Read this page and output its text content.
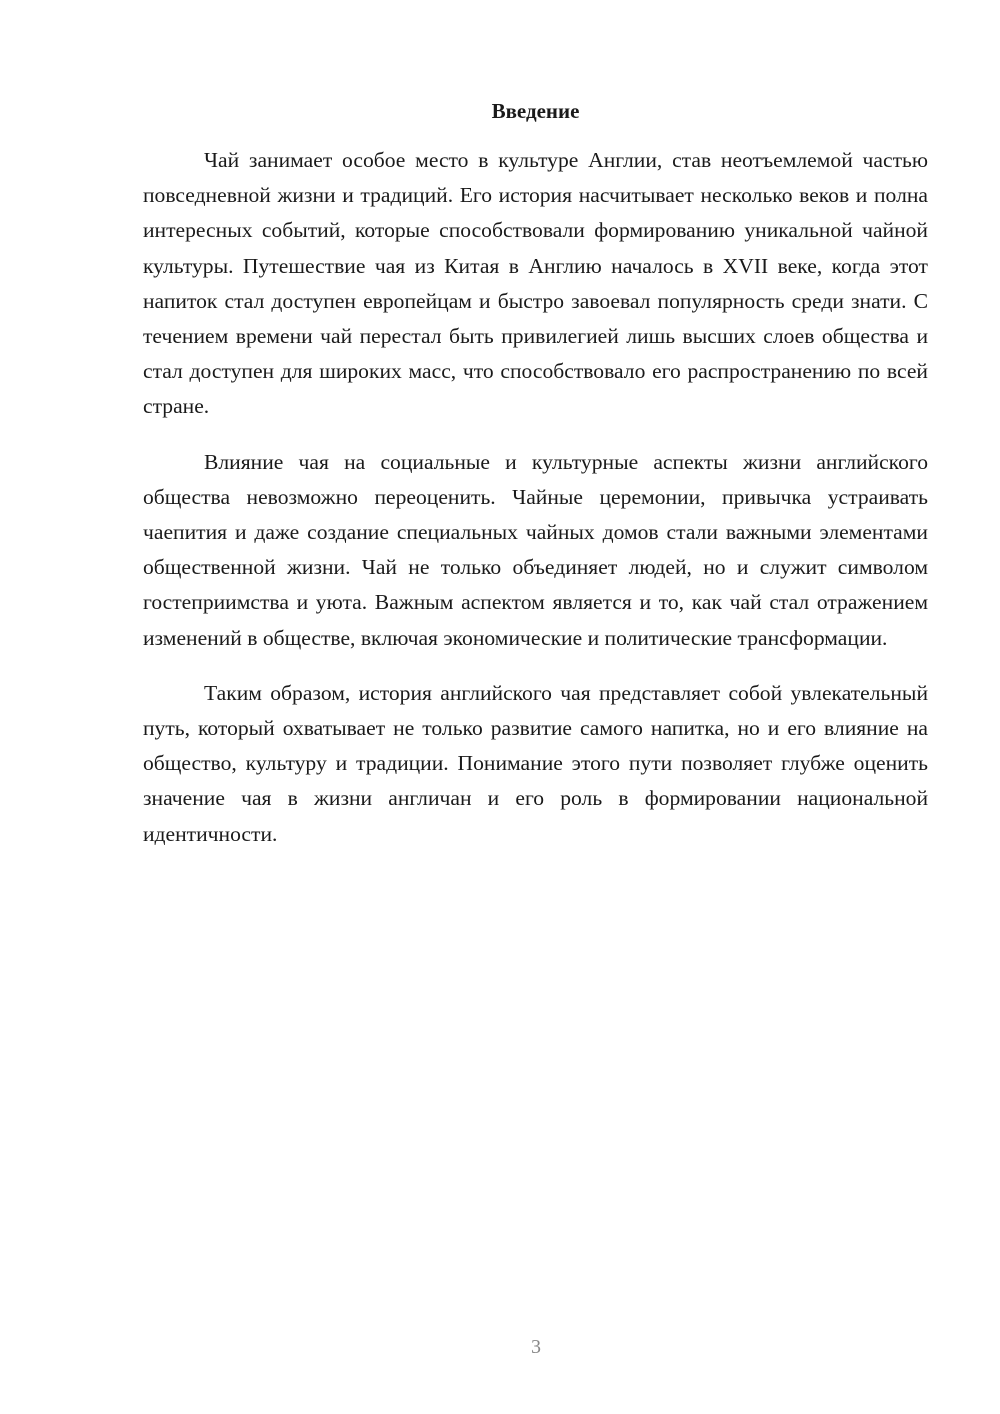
Введение

Чай занимает особое место в культуре Англии, став неотъемлемой частью повседневной жизни и традиций. Его история насчитывает несколько веков и полна интересных событий, которые способствовали формированию уникальной чайной культуры. Путешествие чая из Китая в Англию началось в XVII веке, когда этот напиток стал доступен европейцам и быстро завоевал популярность среди знати. С течением времени чай перестал быть привилегией лишь высших слоев общества и стал доступен для широких масс, что способствовало его распространению по всей стране.

Влияние чая на социальные и культурные аспекты жизни английского общества невозможно переоценить. Чайные церемонии, привычка устраивать чаепития и даже создание специальных чайных домов стали важными элементами общественной жизни. Чай не только объединяет людей, но и служит символом гостеприимства и уюта. Важным аспектом является и то, как чай стал отражением изменений в обществе, включая экономические и политические трансформации.

Таким образом, история английского чая представляет собой увлекательный путь, который охватывает не только развитие самого напитка, но и его влияние на общество, культуру и традиции. Понимание этого пути позволяет глубже оценить значение чая в жизни англичан и его роль в формировании национальной идентичности.

3
